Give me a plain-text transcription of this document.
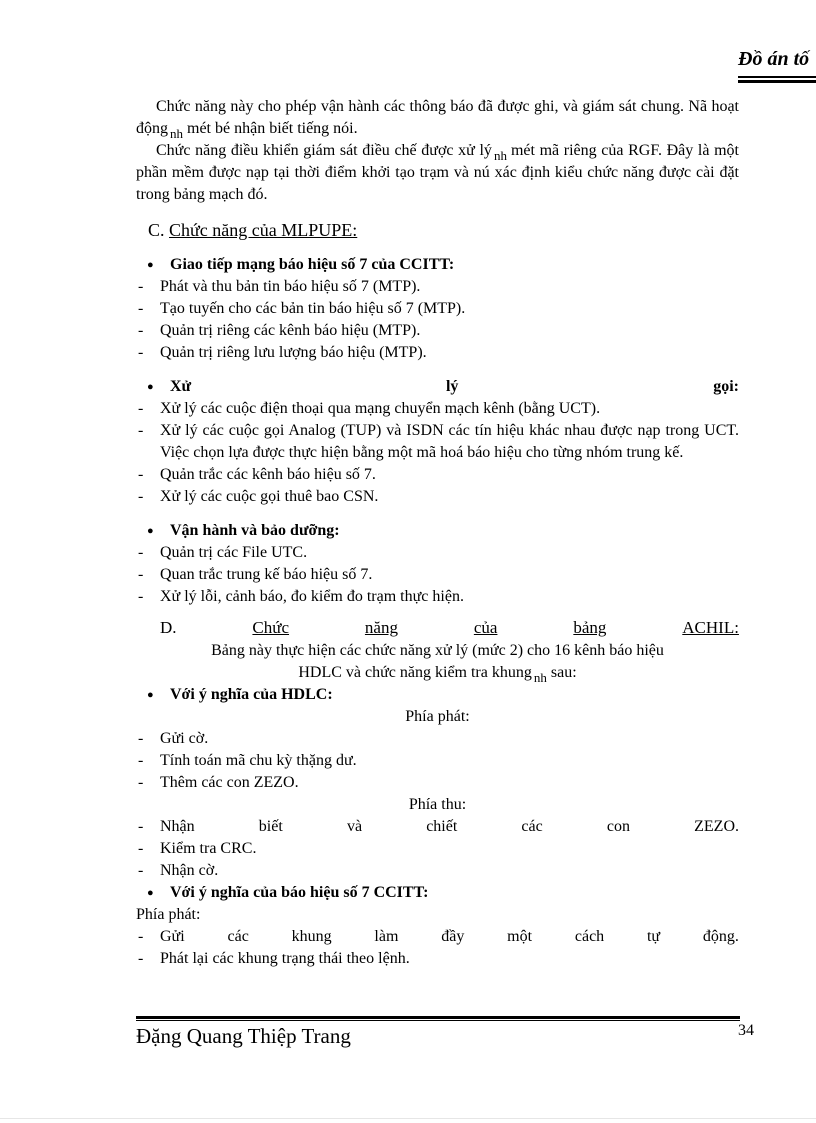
Đồ án tố

Chức năng này cho phép vận hành các thông báo đã được ghi, và giám sát chung. Nã hoạt động $_{nh}$ mét bé nhận biết tiếng nói.

Chức năng điều khiển giám sát điều chế được xử lý $_{nh}$ mét mã riêng của RGF. Đây là một phần mềm được nạp tại thời điểm khởi tạo trạm và nú xác định kiểu chức năng được cài đặt trong bảng mạch đó.

C. Chức năng của MLPUPE:
● Giao tiếp mạng báo hiệu số 7 của CCITT:
- Phát và thu bản tin báo hiệu số 7 (MTP).
- Tạo tuyến cho các bản tin báo hiệu số 7 (MTP).
- Quản trị riêng các kênh báo hiệu (MTP).
- Quản trị riêng lưu lượng báo hiệu (MTP).
● Xử	lý	gọi:
- Xử lý các cuộc điện thoại qua mạng chuyển mạch kênh (bằng UCT).
- Xử lý các cuộc gọi Analog (TUP) và ISDN các tín hiệu khác nhau được nạp trong UCT. Việc chọn lựa được thực hiện bằng một mã hoá báo hiệu cho từng nhóm trung kế.
- Quản trắc các kênh báo hiệu số 7.
- Xử lý các cuộc gọi thuê bao CSN.
● Vận hành và bảo dưỡng:
- Quản trị các File UTC.
- Quan trắc trung kế báo hiệu số 7.
- Xử lý lỗi, cảnh báo, đo kiểm đo trạm thực hiện.
D.	Chức	năng	của	bảng	ACHIL:
Bảng này thực hiện các chức năng xử lý (mức 2) cho 16 kênh báo hiệu
HDLC và chức năng kiểm tra khung $_{nh}$ sau:
● Với ý nghĩa của HDLC:
Phía phát:
- Gửi cờ.
- Tính toán mã chu kỳ thặng dư.
- Thêm các con ZEZO.
Phía thu:
- Nhận	biết	và	chiết	các	con	ZEZO.
- Kiểm tra CRC.
- Nhận cờ.
● Với ý nghĩa của báo hiệu số 7 CCITT:
Phía phát:
- Gửi	các	khung	làm	đầy	một	cách	tự	động.
- Phát lại các khung trạng thái theo lệnh.
Đặng Quang Thiệp Trang	34
